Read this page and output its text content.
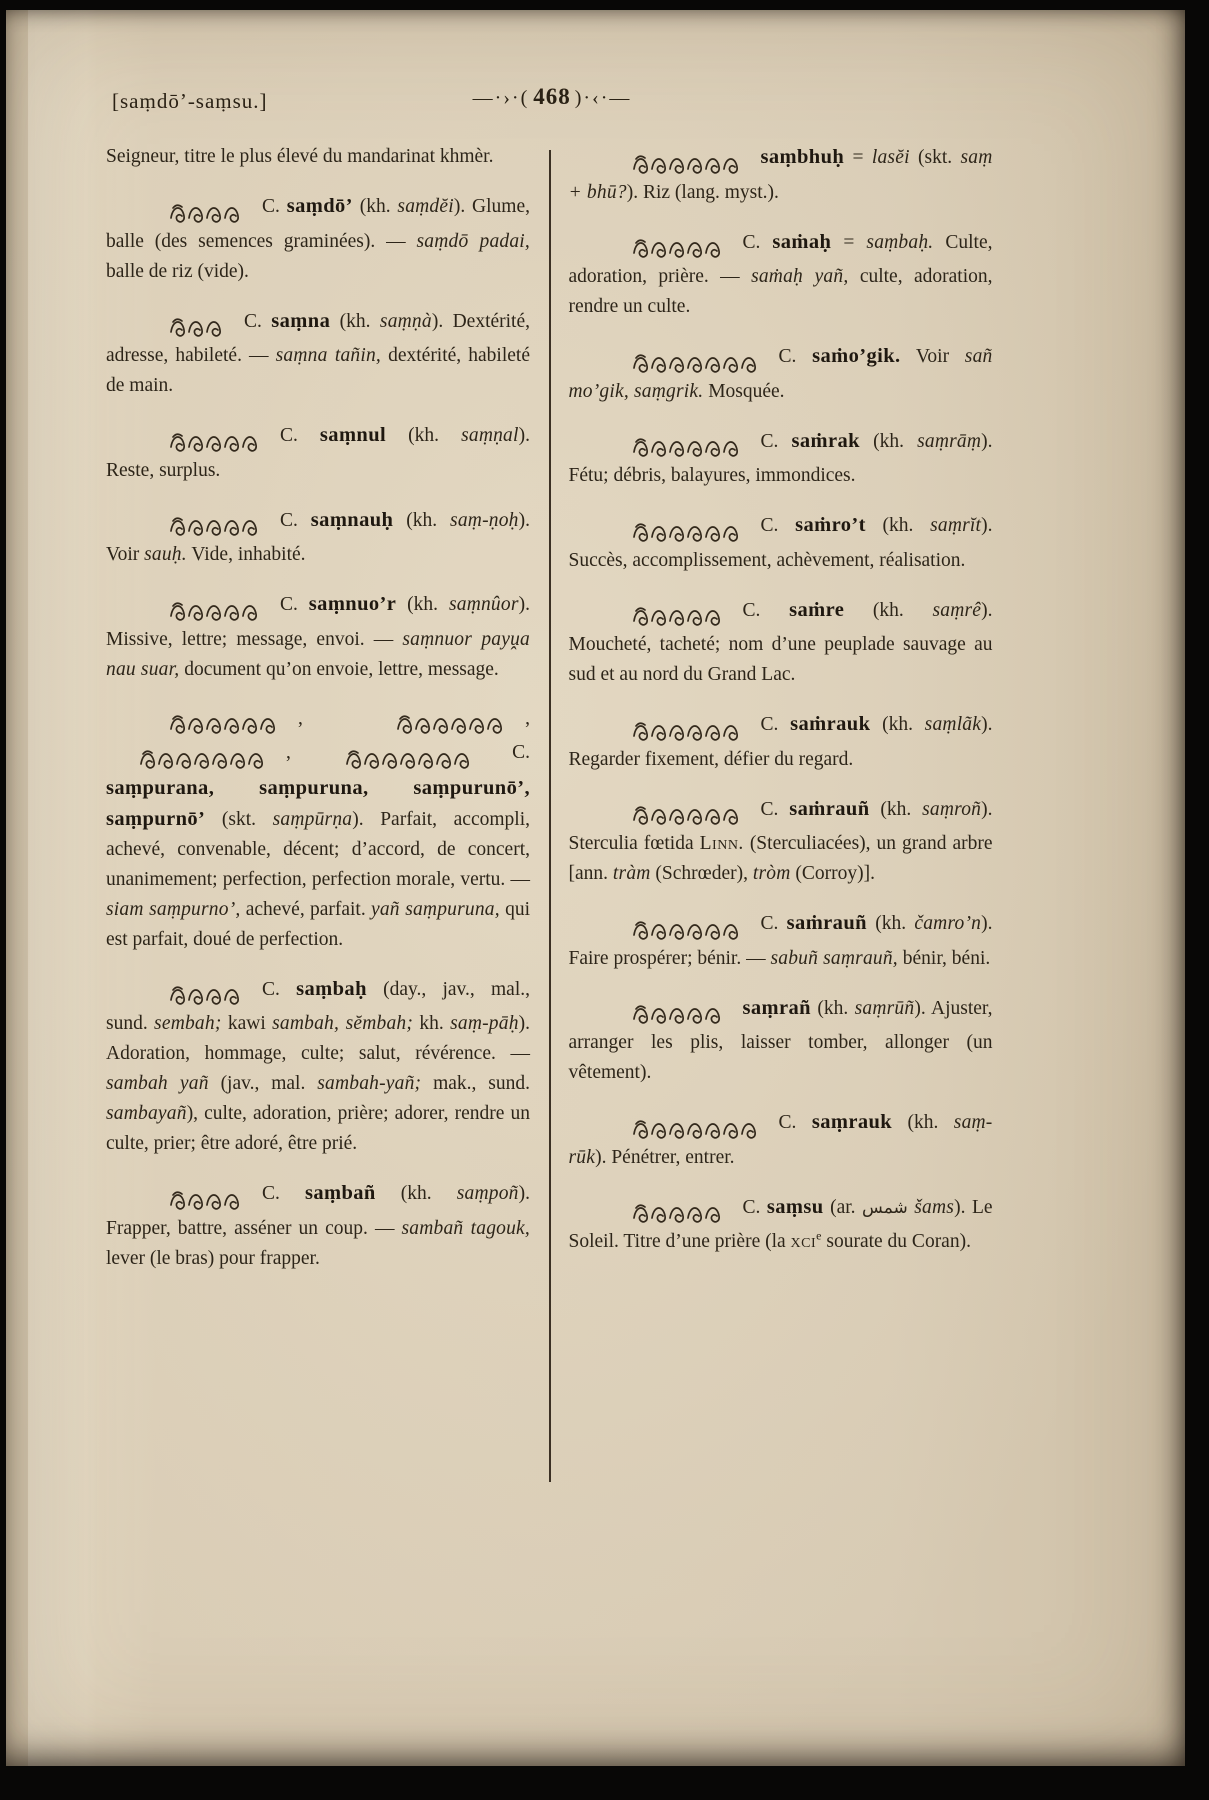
[saṃdō’-saṃsu.]	—·›·( 468 )·‹·—

Seigneur, titre le plus élevé du mandarinat khmèr.

C. saṃdō’ (kh. saṃdĕi). Glume, balle (des semences graminées). — saṃdō padai, balle de riz (vide).

C. saṃna (kh. saṃṇà). Dextérité, adresse, habileté. — saṃna tañin, dextérité, habileté de main.

C. saṃnul (kh. saṃṇal). Reste, surplus.

C. saṃnauḥ (kh. saṃ-ṇoḥ). Voir sauḥ. Vide, inhabité.

C. saṃnuo’r (kh. saṃnûor). Missive, lettre; message, envoi. — saṃnuor payṷa nau suar, document qu’on envoie, lettre, message.

,	, ,	C. saṃpurana, saṃpuruna, saṃpurunō’, saṃpurnō’ (skt. saṃpūrṇa). Parfait, accompli, achevé, convenable, décent; d’accord, de concert, unanimement; perfection, perfection morale, vertu. — siam saṃpurno’, achevé, parfait. yañ saṃpuruna, qui est parfait, doué de perfection.

C. saṃbaḥ (day., jav., mal., sund. sembah; kawi sambah, sĕmbah; kh. saṃ-pāḥ). Adoration, hommage, culte; salut, révérence. — sambah yañ (jav., mal. sambah-yañ; mak., sund. sambayañ), culte, adoration, prière; adorer, rendre un culte, prier; être adoré, être prié.

C. saṃbañ (kh. saṃpoñ). Frapper, battre, asséner un coup. — sambañ tagouk, lever (le bras) pour frapper.

saṃbhuḥ = lasĕi (skt. saṃ + bhū?). Riz (lang. myst.).

C. saṁaḥ = saṃbaḥ. Culte, adoration, prière. — saṁaḥ yañ, culte, adoration, rendre un culte.

C. saṁo’gik. Voir sañ mo’gik, saṃgrik. Mosquée.

C. saṁrak (kh. saṃrāṃ). Fétu; débris, balayures, immondices.

C. saṁro’t (kh. saṃrĭt). Succès, accomplissement, achèvement, réalisation.

C. saṁre (kh. saṃrê). Moucheté, tacheté; nom d’une peuplade sauvage au sud et au nord du Grand Lac.

C. saṁrauk (kh. saṃlãk). Regarder fixement, défier du regard.

C. saṁrauñ (kh. saṃroñ). Sterculia fœtida Linn. (Sterculiacées), un grand arbre [ann. tràm (Schrœder), tròm (Corroy)].

C. saṁrauñ (kh. čamro’n). Faire prospérer; bénir. — sabuñ saṃrauñ, bénir, béni.

saṃrañ (kh. saṃrūñ). Ajuster, arranger les plis, laisser tomber, allonger (un vêtement).

C. saṃrauk (kh. saṃ-rūk). Pénétrer, entrer.

C. saṃsu (ar. شمس šams). Le Soleil. Titre d’une prière (la xci$^e$ sourate du Coran).
